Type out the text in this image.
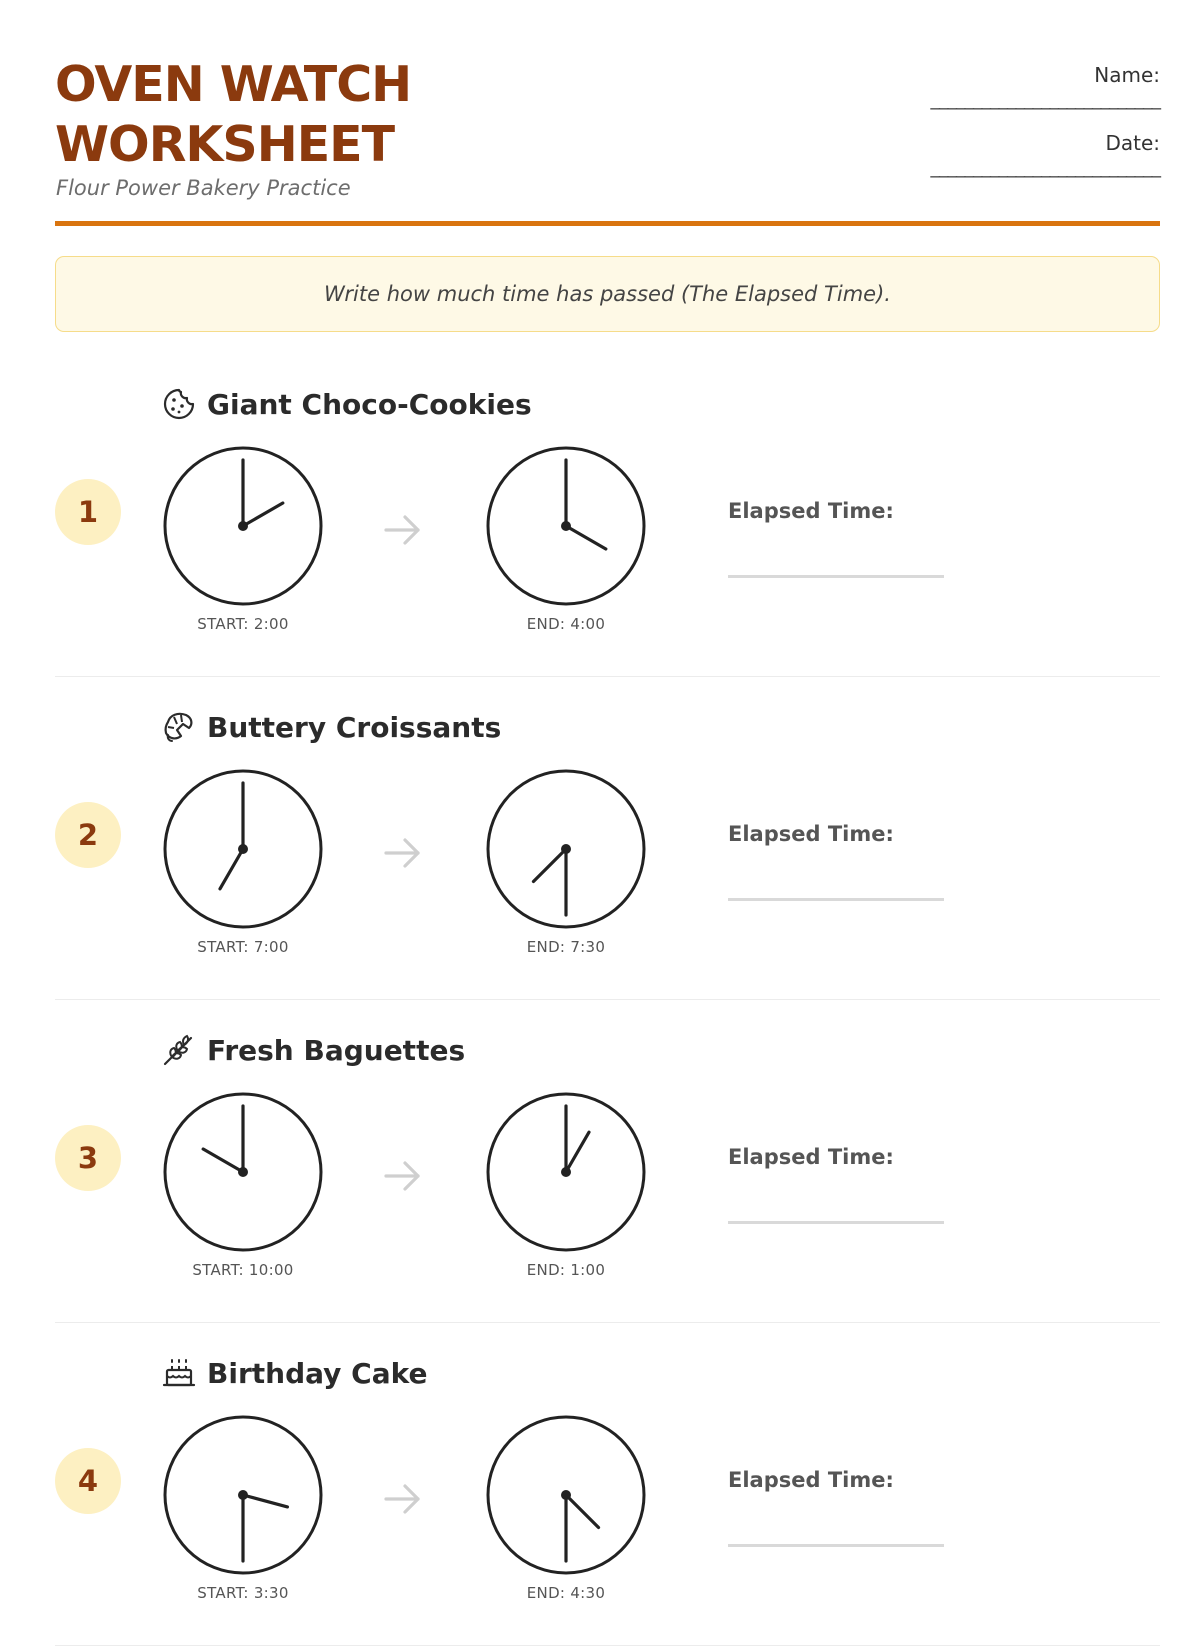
OVEN WATCH
WORKSHEET
Flour Power Bakery Practice
Name:
___________________________
Date:
___________________________
Write how much time has passed (The Elapsed Time).
1
Giant Choco-Cookies
START: 2:00	END: 4:00
Elapsed Time:
2
Buttery Croissants
START: 7:00	END: 7:30
Elapsed Time:
3
Fresh Baguettes
START: 10:00	END: 1:00
Elapsed Time:
4
Birthday Cake
START: 3:30	END: 4:30
Elapsed Time:
